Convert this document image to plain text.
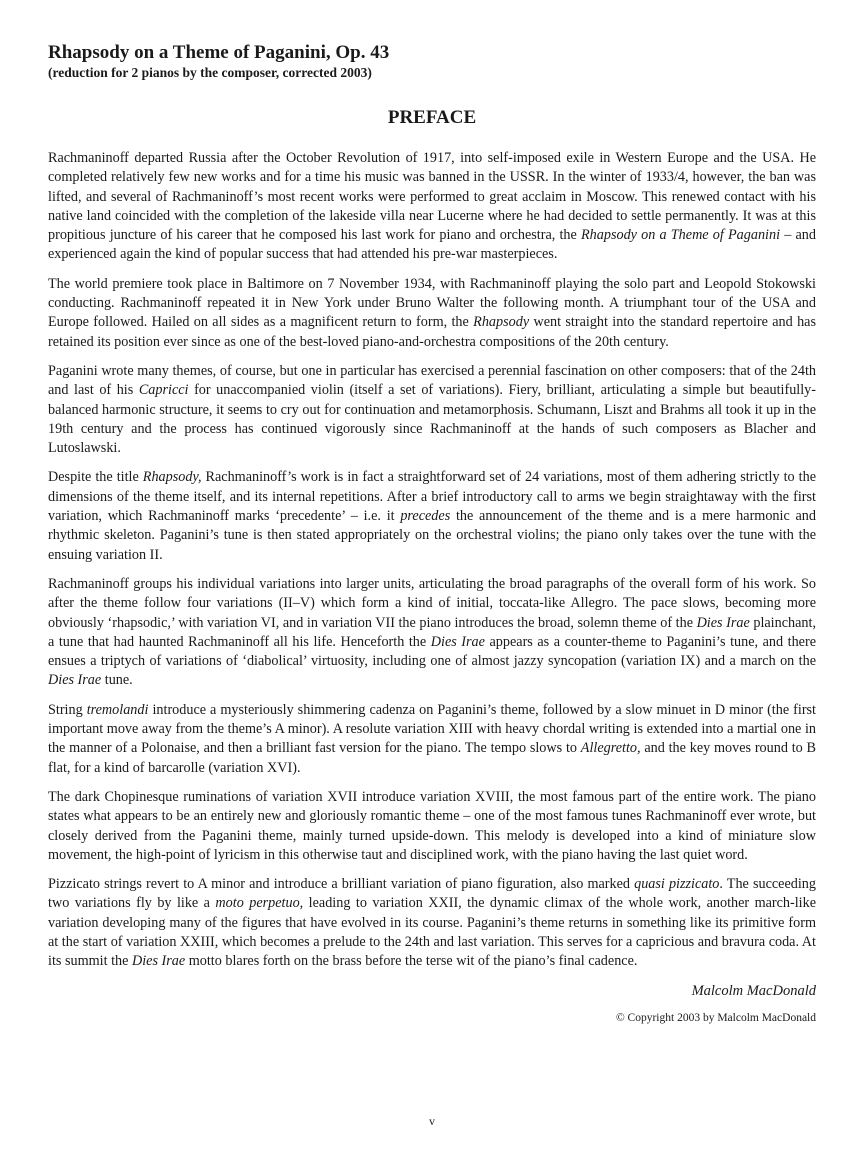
Rhapsody on a Theme of Paganini, Op. 43
(reduction for 2 pianos by the composer, corrected 2003)
PREFACE

Rachmaninoff departed Russia after the October Revolution of 1917, into self-imposed exile in Western Europe and the USA. He completed relatively few new works and for a time his music was banned in the USSR. In the winter of 1933/4, however, the ban was lifted, and several of Rachmaninoff’s most recent works were performed to great acclaim in Moscow. This renewed contact with his native land coincided with the completion of the lakeside villa near Lucerne where he had decided to settle permanently. It was at this propitious juncture of his career that he composed his last work for piano and orchestra, the Rhapsody on a Theme of Paganini – and experienced again the kind of popular success that had attended his pre-war masterpieces.

The world premiere took place in Baltimore on 7 November 1934, with Rachmaninoff playing the solo part and Leopold Stokowski conducting. Rachmaninoff repeated it in New York under Bruno Walter the following month. A triumphant tour of the USA and Europe followed. Hailed on all sides as a magnificent return to form, the Rhapsody went straight into the standard repertoire and has retained its position ever since as one of the best-loved piano-and-orchestra compositions of the 20th century.

Paganini wrote many themes, of course, but one in particular has exercised a perennial fascination on other composers: that of the 24th and last of his Capricci for unaccompanied violin (itself a set of variations). Fiery, brilliant, articulating a simple but beautifully-balanced harmonic structure, it seems to cry out for continuation and metamorphosis. Schumann, Liszt and Brahms all took it up in the 19th century and the process has continued vigorously since Rachmaninoff at the hands of such composers as Blacher and Lutoslawski.

Despite the title Rhapsody, Rachmaninoff’s work is in fact a straightforward set of 24 variations, most of them adhering strictly to the dimensions of the theme itself, and its internal repetitions. After a brief introductory call to arms we begin straightaway with the first variation, which Rachmaninoff marks ‘precedente’ – i.e. it precedes the announcement of the theme and is a mere harmonic and rhythmic skeleton. Paganini’s tune is then stated appropriately on the orchestral violins; the piano only takes over the tune with the ensuing variation II.

Rachmaninoff groups his individual variations into larger units, articulating the broad paragraphs of the overall form of his work. So after the theme follow four variations (II–V) which form a kind of initial, toccata-like Allegro. The pace slows, becoming more obviously ‘rhapsodic,’ with variation VI, and in variation VII the piano introduces the broad, solemn theme of the Dies Irae plainchant, a tune that had haunted Rachmaninoff all his life. Henceforth the Dies Irae appears as a counter-theme to Paganini’s tune, and there ensues a triptych of variations of ‘diabolical’ virtuosity, including one of almost jazzy syncopation (variation IX) and a march on the Dies Irae tune.

String tremolandi introduce a mysteriously shimmering cadenza on Paganini’s theme, followed by a slow minuet in D minor (the first important move away from the theme’s A minor). A resolute variation XIII with heavy chordal writing is extended into a martial one in the manner of a Polonaise, and then a brilliant fast version for the piano. The tempo slows to Allegretto, and the key moves round to B flat, for a kind of barcarolle (variation XVI).

The dark Chopinesque ruminations of variation XVII introduce variation XVIII, the most famous part of the entire work. The piano states what appears to be an entirely new and gloriously romantic theme – one of the most famous tunes Rachmaninoff ever wrote, but closely derived from the Paganini theme, mainly turned upside-down. This melody is developed into a kind of miniature slow movement, the high-point of lyricism in this otherwise taut and disciplined work, with the piano having the last quiet word.

Pizzicato strings revert to A minor and introduce a brilliant variation of piano figuration, also marked quasi pizzicato. The succeeding two variations fly by like a moto perpetuo, leading to variation XXII, the dynamic climax of the whole work, another march-like variation developing many of the figures that have evolved in its course. Paganini’s theme returns in something like its primitive form at the start of variation XXIII, which becomes a prelude to the 24th and last variation. This serves for a capricious and bravura coda. At its summit the Dies Irae motto blares forth on the brass before the terse wit of the piano’s final cadence.

Malcolm MacDonald
© Copyright 2003 by Malcolm MacDonald
v
